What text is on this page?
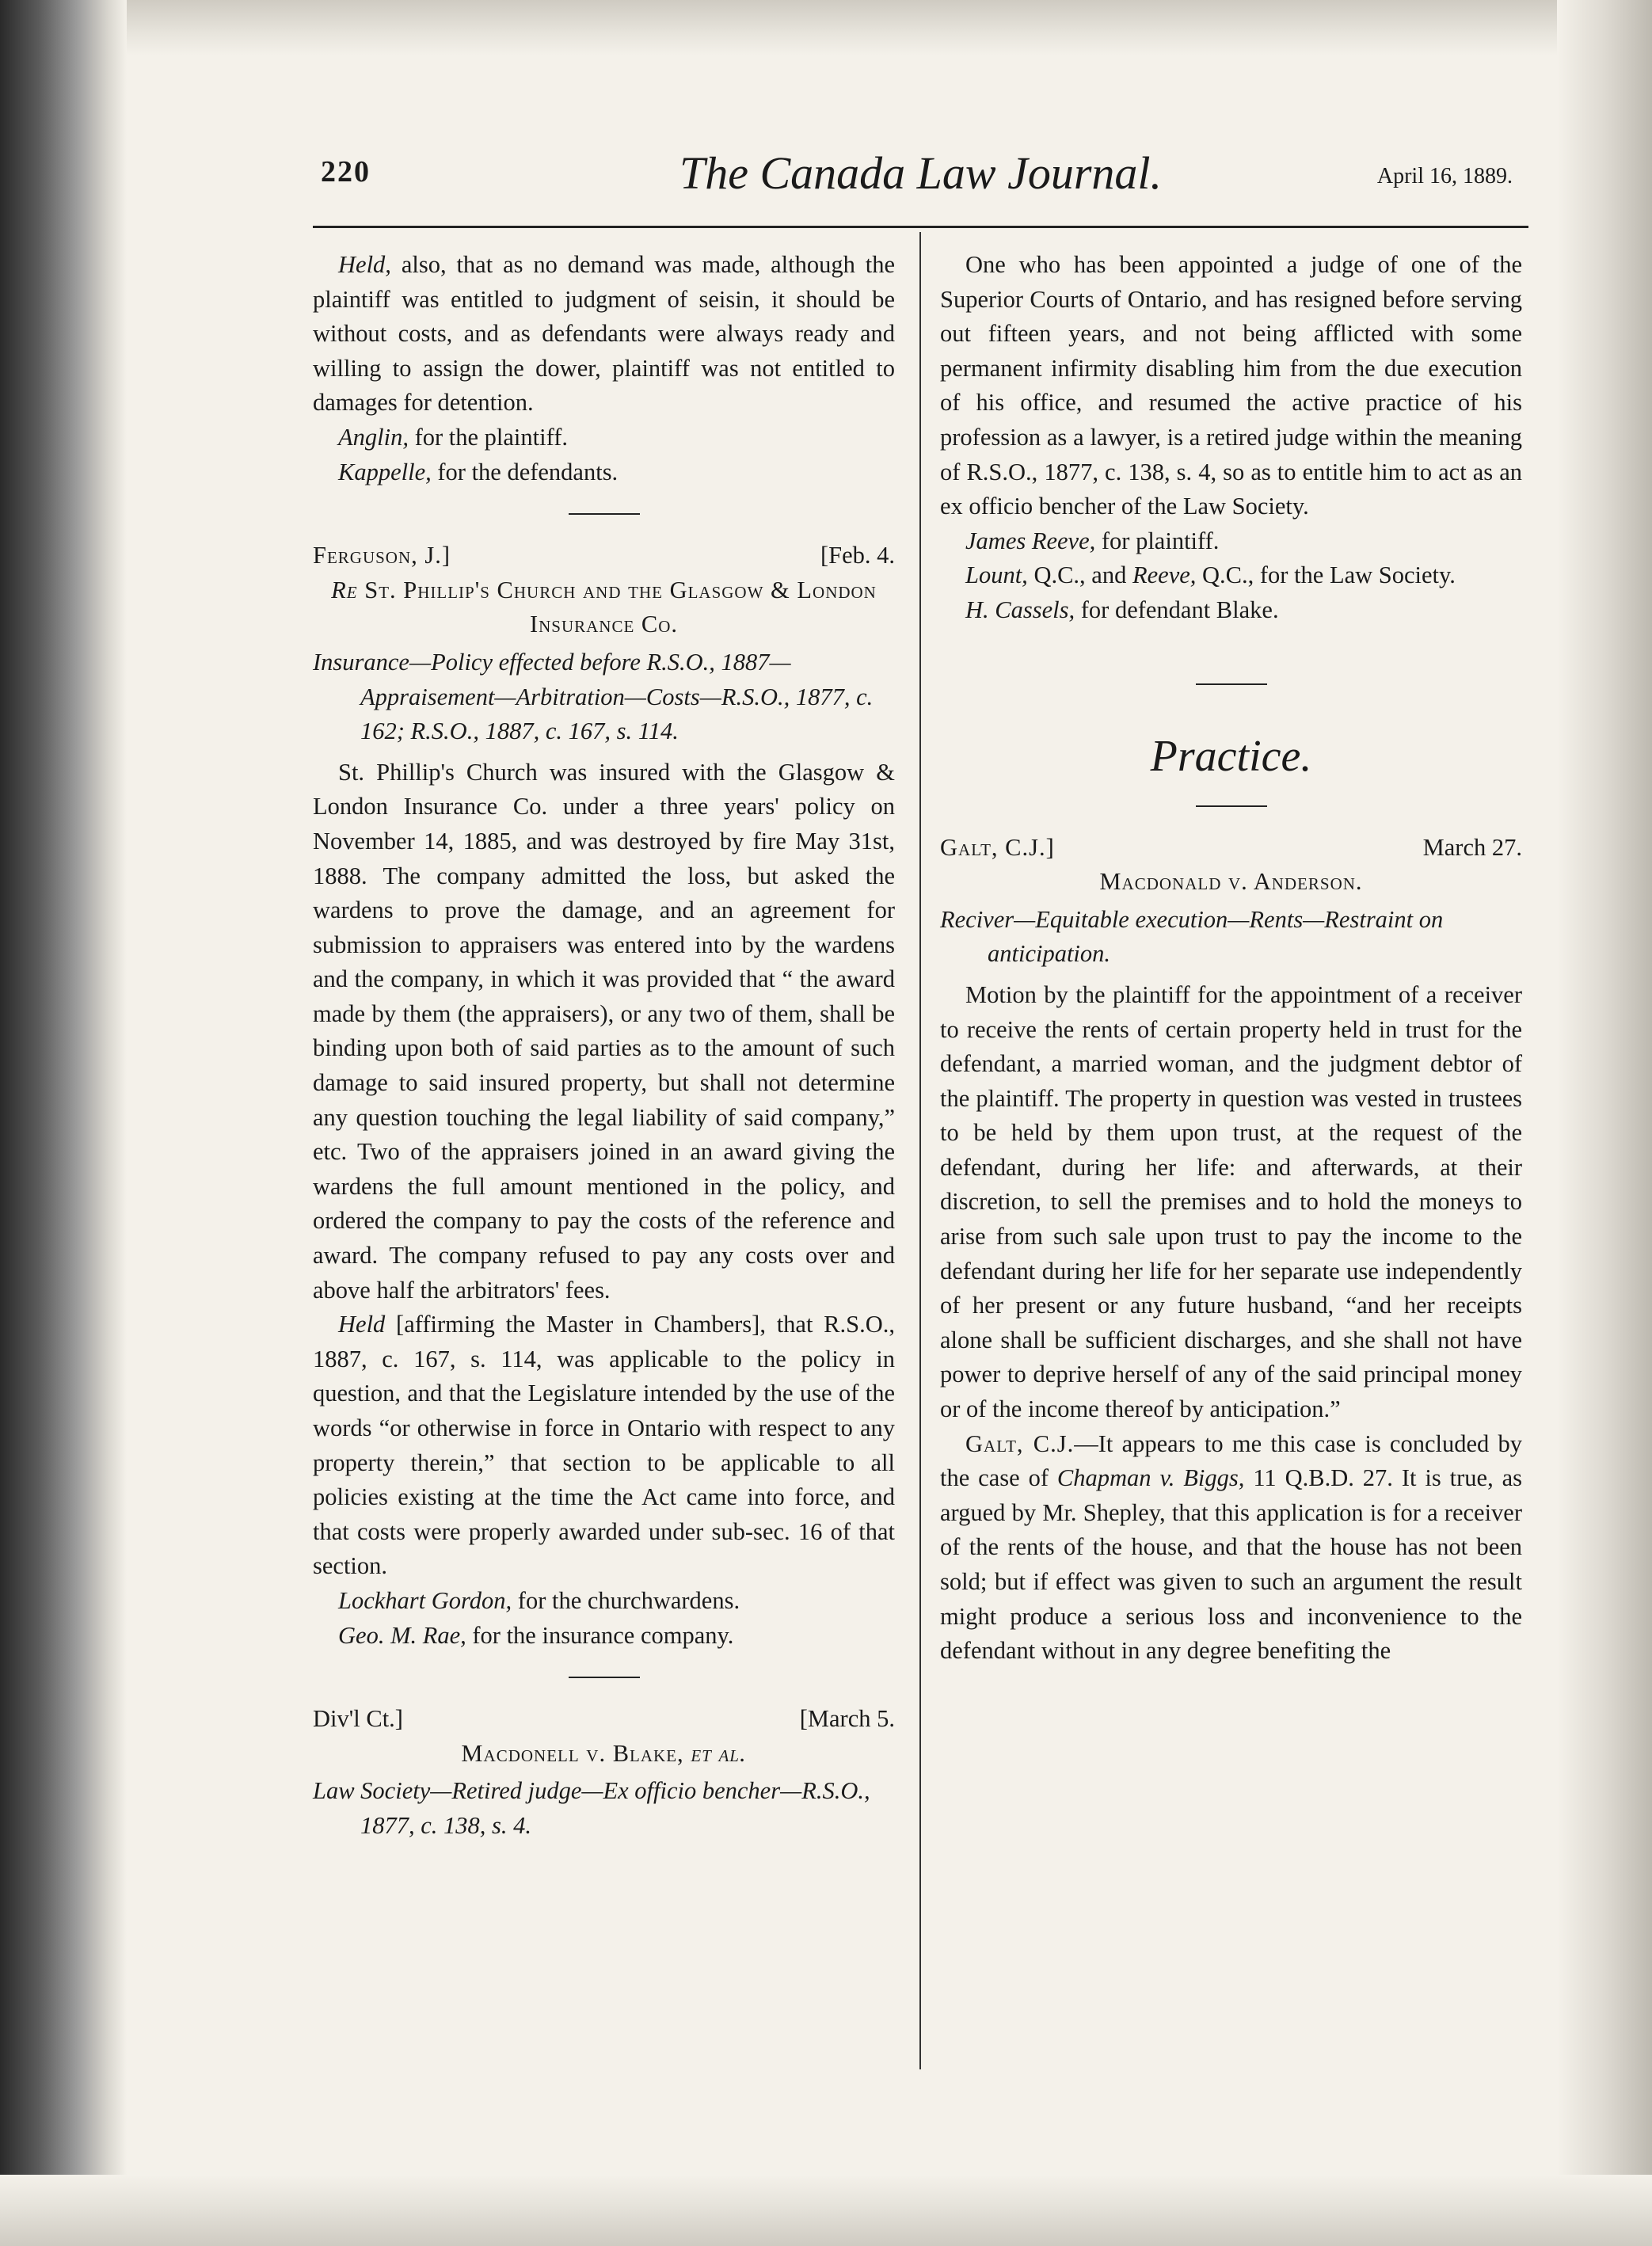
220	The Canada Law Journal.	April 16, 1889.

Held, also, that as no demand was made, although the plaintiff was entitled to judgment of seisin, it should be without costs, and as defendants were always ready and willing to assign the dower, plaintiff was not entitled to damages for detention.

Anglin, for the plaintiff.
Kappelle, for the defendants.
Ferguson, J.]	[Feb. 4.
Re St. Phillip's Church and the Glasgow & London Insurance Co.
Insurance—Policy effected before R.S.O., 1887—Appraisement—Arbitration—Costs—R.S.O., 1877, c. 162; R.S.O., 1887, c. 167, s. 114.

St. Phillip's Church was insured with the Glasgow & London Insurance Co. under a three years' policy on November 14, 1885, and was destroyed by fire May 31st, 1888. The company admitted the loss, but asked the wardens to prove the damage, and an agreement for submission to appraisers was entered into by the wardens and the company, in which it was provided that “ the award made by them (the appraisers), or any two of them, shall be binding upon both of said parties as to the amount of such damage to said insured property, but shall not determine any question touching the legal liability of said company,” etc. Two of the appraisers joined in an award giving the wardens the full amount mentioned in the policy, and ordered the company to pay the costs of the reference and award. The company refused to pay any costs over and above half the arbitrators' fees.

Held [affirming the Master in Chambers], that R.S.O., 1887, c. 167, s. 114, was applicable to the policy in question, and that the Legislature intended by the use of the words “or otherwise in force in Ontario with respect to any property therein,” that section to be applicable to all policies existing at the time the Act came into force, and that costs were properly awarded under sub-sec. 16 of that section.

Lockhart Gordon, for the churchwardens.
Geo. M. Rae, for the insurance company.
Div'l Ct.]	[March 5.
Macdonell v. Blake, et al.
Law Society—Retired judge—Ex officio bencher—R.S.O., 1877, c. 138, s. 4.

One who has been appointed a judge of one of the Superior Courts of Ontario, and has resigned before serving out fifteen years, and not being afflicted with some permanent infirmity disabling him from the due execution of his office, and resumed the active practice of his profession as a lawyer, is a retired judge within the meaning of R.S.O., 1877, c. 138, s. 4, so as to entitle him to act as an ex officio bencher of the Law Society.

James Reeve, for plaintiff.
Lount, Q.C., and Reeve, Q.C., for the Law Society.
H. Cassels, for defendant Blake.
Practice.
Galt, C.J.]	March 27.
Macdonald v. Anderson.
Reciver—Equitable execution—Rents—Restraint on anticipation.

Motion by the plaintiff for the appointment of a receiver to receive the rents of certain property held in trust for the defendant, a married woman, and the judgment debtor of the plaintiff. The property in question was vested in trustees to be held by them upon trust, at the request of the defendant, during her life: and afterwards, at their discretion, to sell the premises and to hold the moneys to arise from such sale upon trust to pay the income to the defendant during her life for her separate use independently of her present or any future husband, “and her receipts alone shall be sufficient discharges, and she shall not have power to deprive herself of any of the said principal money or of the income thereof by anticipation.”

Galt, C.J.—It appears to me this case is concluded by the case of Chapman v. Biggs, 11 Q.B.D. 27. It is true, as argued by Mr. Shepley, that this application is for a receiver of the rents of the house, and that the house has not been sold; but if effect was given to such an argument the result might produce a serious loss and inconvenience to the defendant without in any degree benefiting the
